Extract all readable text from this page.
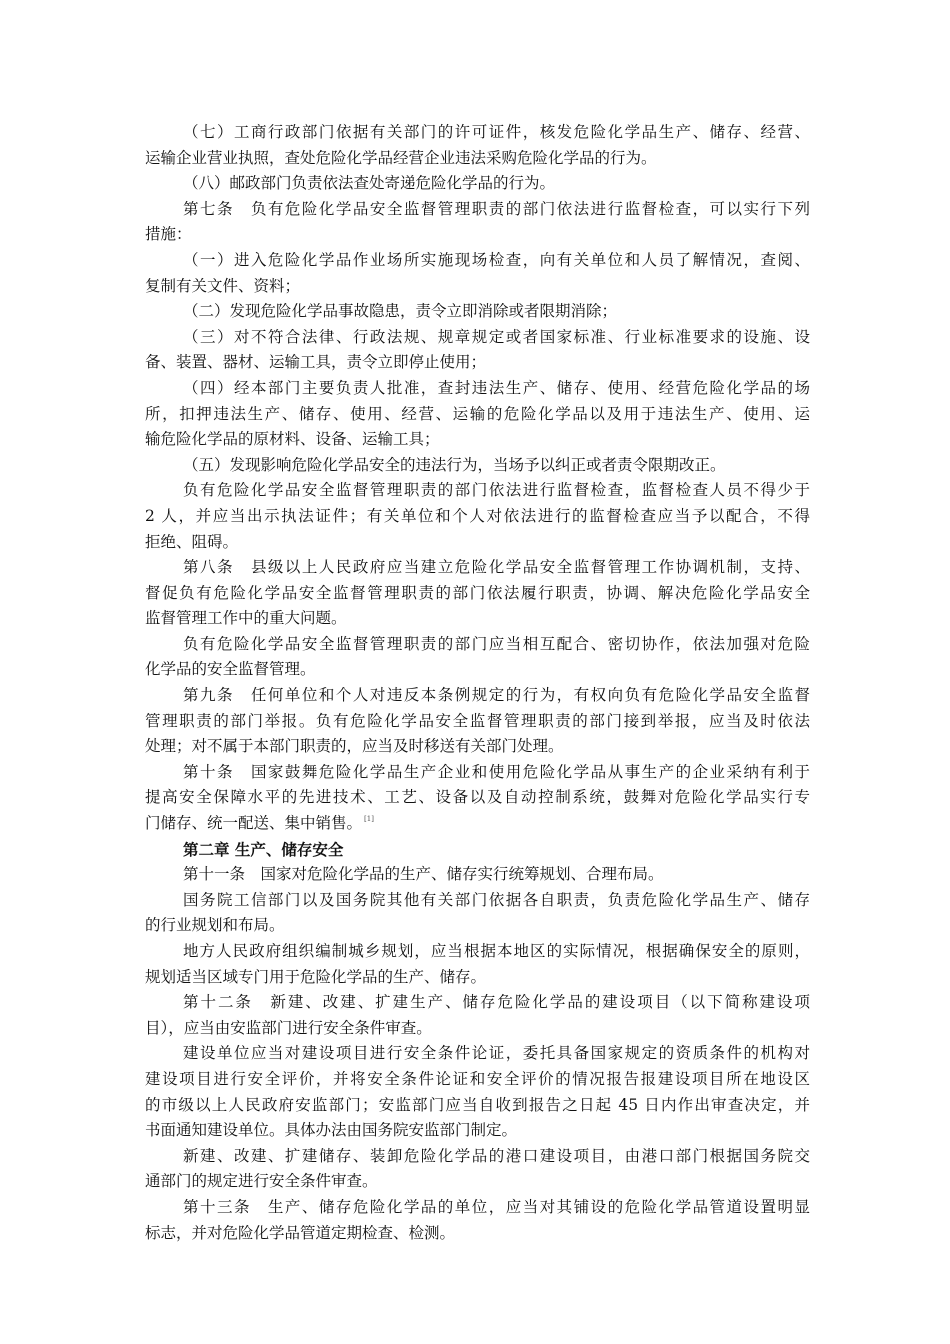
（七）工商行政部门依据有关部门的许可证件，核发危险化学品生产、储存、经营、
运输企业营业执照，查处危险化学品经营企业违法采购危险化学品的行为。
（八）邮政部门负责依法查处寄递危险化学品的行为。
第七条　负有危险化学品安全监督管理职责的部门依法进行监督检查，可以实行下列
措施：
（一）进入危险化学品作业场所实施现场检查，向有关单位和人员了解情况，查阅、
复制有关文件、资料；
（二）发现危险化学品事故隐患，责令立即消除或者限期消除；
（三）对不符合法律、行政法规、规章规定或者国家标准、行业标准要求的设施、设
备、装置、器材、运输工具，责令立即停止使用；
（四）经本部门主要负责人批准，查封违法生产、储存、使用、经营危险化学品的场
所，扣押违法生产、储存、使用、经营、运输的危险化学品以及用于违法生产、使用、运
输危险化学品的原材料、设备、运输工具；
（五）发现影响危险化学品安全的违法行为，当场予以纠正或者责令限期改正。
负有危险化学品安全监督管理职责的部门依法进行监督检查，监督检查人员不得少于
2 人，并应当出示执法证件；有关单位和个人对依法进行的监督检查应当予以配合，不得
拒绝、阻碍。
第八条　县级以上人民政府应当建立危险化学品安全监督管理工作协调机制，支持、
督促负有危险化学品安全监督管理职责的部门依法履行职责，协调、解决危险化学品安全
监督管理工作中的重大问题。
负有危险化学品安全监督管理职责的部门应当相互配合、密切协作，依法加强对危险
化学品的安全监督管理。
第九条　任何单位和个人对违反本条例规定的行为，有权向负有危险化学品安全监督
管理职责的部门举报。负有危险化学品安全监督管理职责的部门接到举报，应当及时依法
处理；对不属于本部门职责的，应当及时移送有关部门处理。
第十条　国家鼓舞危险化学品生产企业和使用危险化学品从事生产的企业采纳有利于
提高安全保障水平的先进技术、工艺、设备以及自动控制系统，鼓舞对危险化学品实行专
门储存、统一配送、集中销售。 [1]
第二章 生产、储存安全
第十一条　国家对危险化学品的生产、储存实行统筹规划、合理布局。
国务院工信部门以及国务院其他有关部门依据各自职责，负责危险化学品生产、储存
的行业规划和布局。
地方人民政府组织编制城乡规划，应当根据本地区的实际情况，根据确保安全的原则，
规划适当区域专门用于危险化学品的生产、储存。
第十二条　新建、改建、扩建生产、储存危险化学品的建设项目（以下简称建设项
目），应当由安监部门进行安全条件审查。
建设单位应当对建设项目进行安全条件论证，委托具备国家规定的资质条件的机构对
建设项目进行安全评价，并将安全条件论证和安全评价的情况报告报建设项目所在地设区
的市级以上人民政府安监部门；安监部门应当自收到报告之日起 45 日内作出审查决定，并
书面通知建设单位。具体办法由国务院安监部门制定。
新建、改建、扩建储存、装卸危险化学品的港口建设项目，由港口部门根据国务院交
通部门的规定进行安全条件审查。
第十三条　生产、储存危险化学品的单位，应当对其铺设的危险化学品管道设置明显
标志，并对危险化学品管道定期检查、检测。
